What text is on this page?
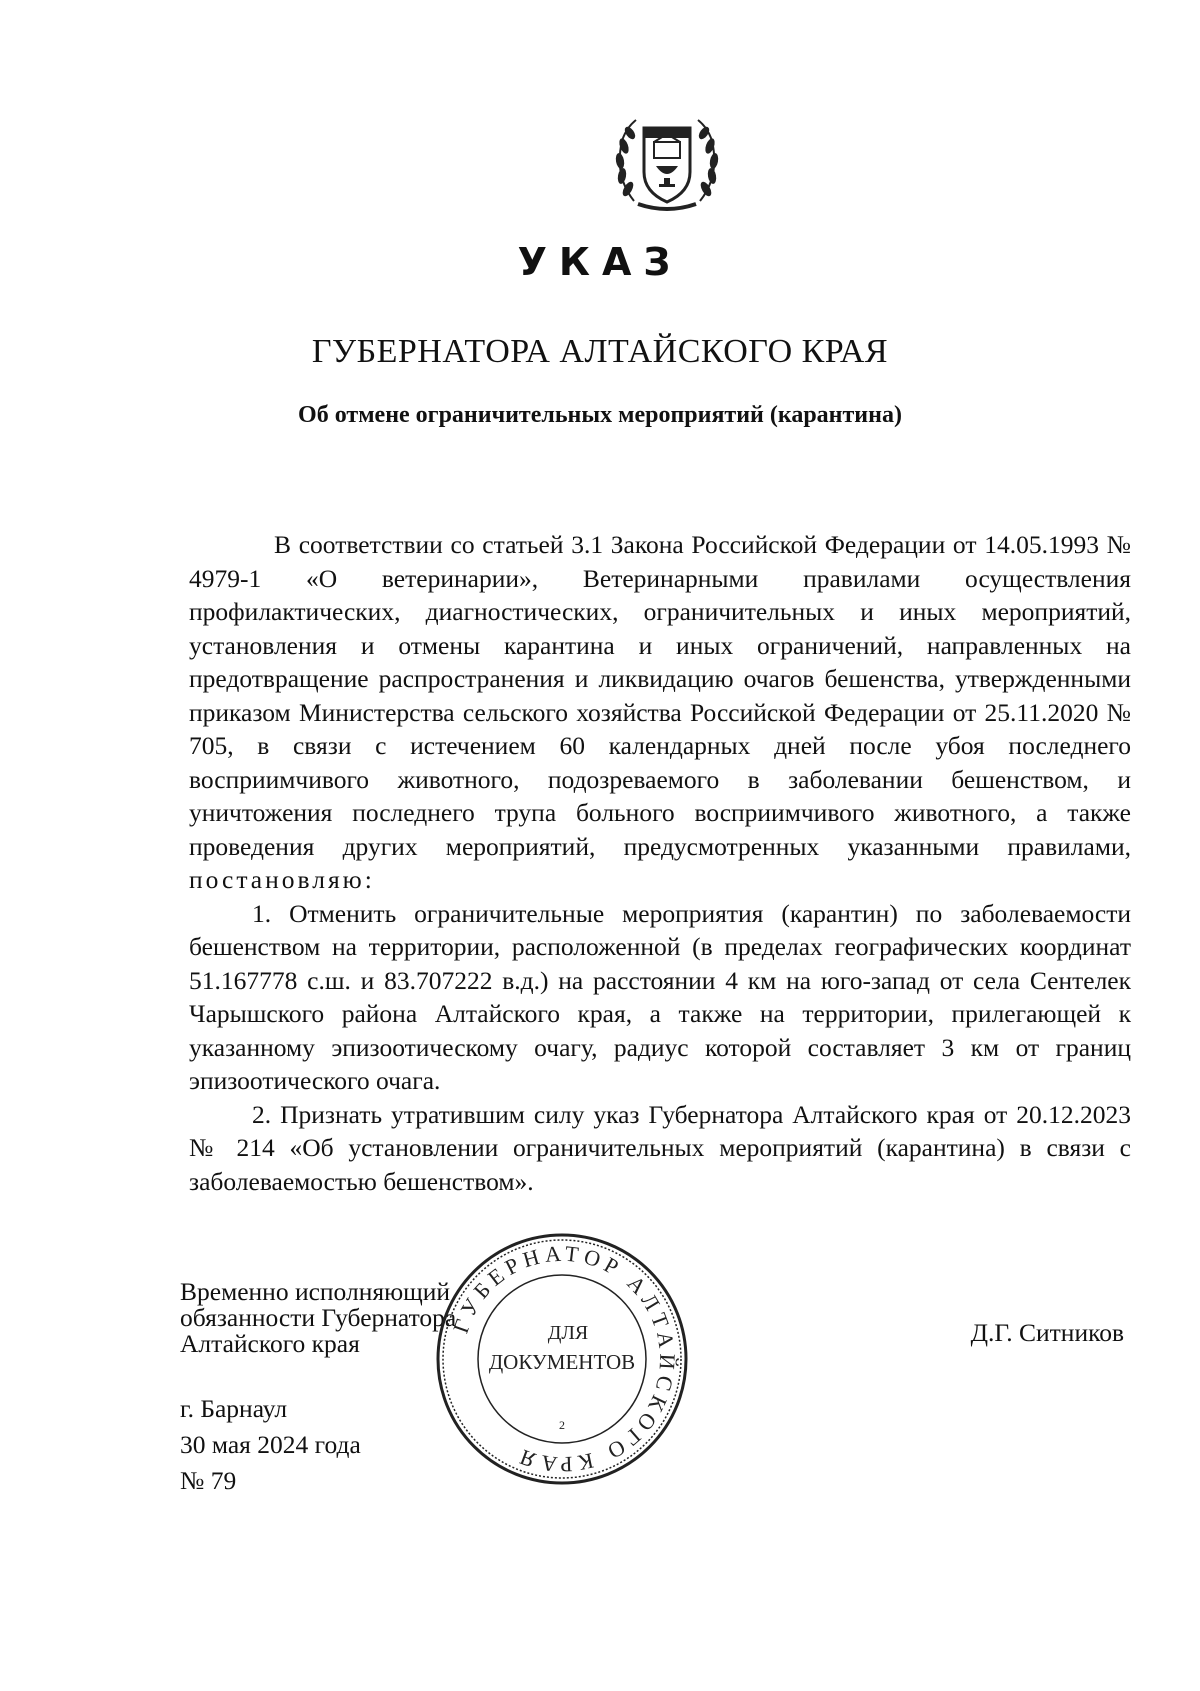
УКАЗ
ГУБЕРНАТОРА АЛТАЙСКОГО КРАЯ
Об отмене ограничительных мероприятий (карантина)

В соответствии со статьей 3.1 Закона Российской Федерации от 14.05.1993 № 4979-1 «О ветеринарии», Ветеринарными правилами осуществления профилактических, диагностических, ограничительных и иных мероприятий, установления и отмены карантина и иных ограничений, направленных на предотвращение распространения и ликвидацию очагов бешенства, утвержденными приказом Министерства сельского хозяйства Российской Федерации от 25.11.2020 № 705, в связи с истечением 60 календарных дней после убоя последнего восприимчивого животного, подозреваемого в заболевании бешенством, и уничтожения последнего трупа больного восприимчивого животного, а также проведения других мероприятий, предусмотренных указанными правилами, постановляю:

1. Отменить ограничительные мероприятия (карантин) по заболеваемости бешенством на территории, расположенной (в пределах географических координат 51.167778 с.ш. и 83.707222 в.д.) на расстоянии 4 км на юго-запад от села Сентелек Чарышского района Алтайского края, а также на территории, прилегающей к указанному эпизоотическому очагу, радиус которой составляет 3 км от границ эпизоотического очага.

2. Признать утратившим силу указ Губернатора Алтайского края от 20.12.2023 № 214 «Об установлении ограничительных мероприятий (карантина) в связи с заболеваемостью бешенством».

Временно исполняющий
обязанности Губернатора
Алтайского края	Д.Г. Ситников
г. Барнаул
30 мая 2024 года
№ 79
ГУБЕРНАТОР АЛТАЙСКОГО КРАЯ
ДЛЯ
ДОКУМЕНТОВ
2
